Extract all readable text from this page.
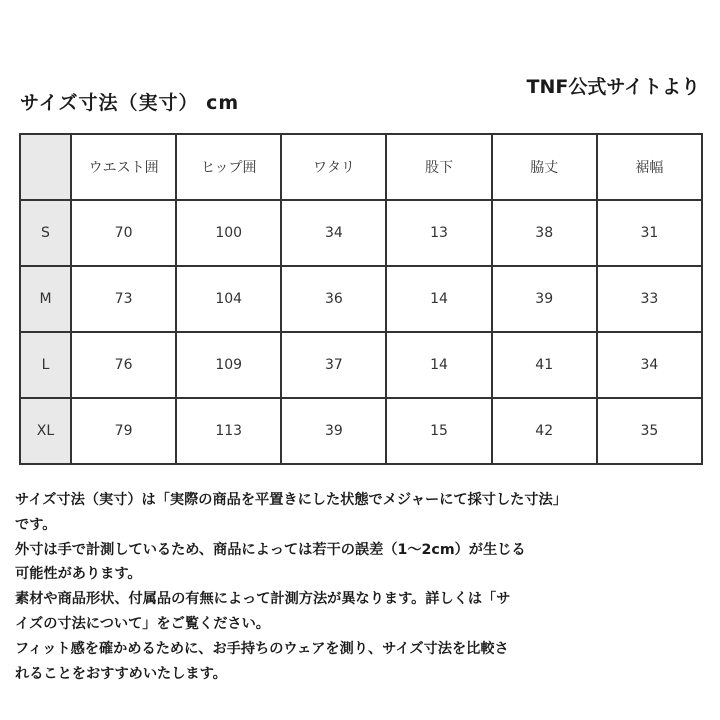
サイズ寸法（実寸） cm
TNF公式サイトより
	ウエスト囲	ヒップ囲	ワタリ	股下	脇丈	裾幅
S	70	100	34	13	38	31
M	73	104	36	14	39	33
L	76	109	37	14	41	34
XL	79	113	39	15	42	35
サイズ寸法（実寸）は「実際の商品を平置きにした状態でメジャーにて採寸した寸法」
です。
外寸は手で計測しているため、商品によっては若干の誤差（1〜2cm）が生じる
可能性があります。
素材や商品形状、付属品の有無によって計測方法が異なります。詳しくは「サ
イズの寸法について」をご覧ください。
フィット感を確かめるために、お手持ちのウェアを測り、サイズ寸法を比較さ
れることをおすすめいたします。
